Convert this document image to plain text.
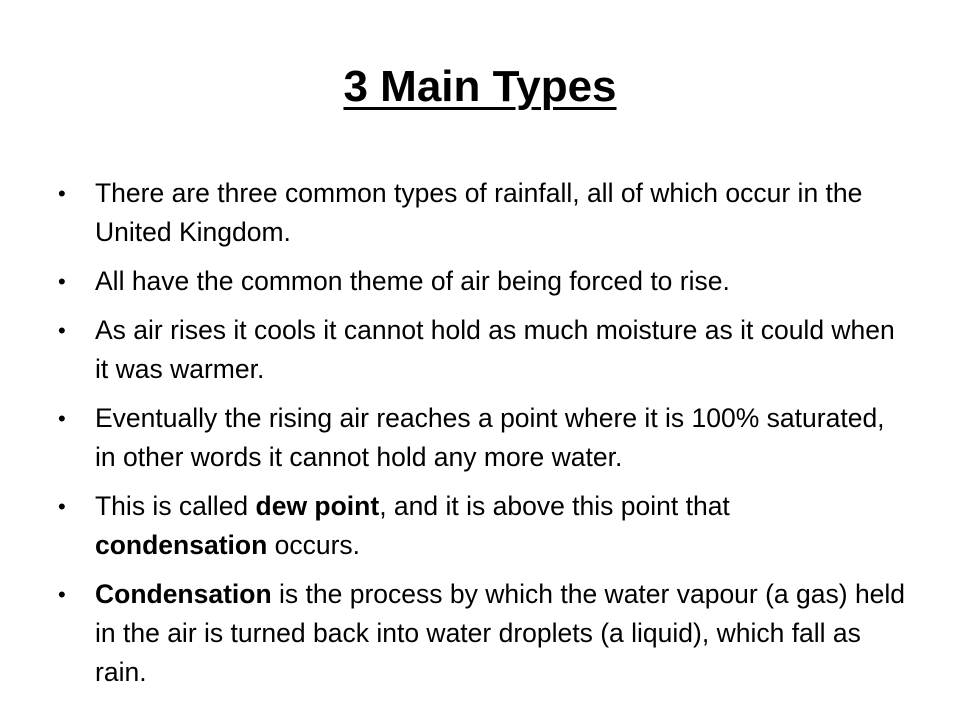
3 Main Types
•	There are three common types of rainfall, all of which occur in the United Kingdom.
•	All have the common theme of air being forced to rise.
•	As air rises it cools it cannot hold as much moisture as it could when it was warmer.
•	Eventually the rising air reaches a point where it is 100% saturated, in other words it cannot hold any more water.
•	This is called dew point, and it is above this point that condensation occurs.
•	Condensation is the process by which the water vapour (a gas) held in the air is turned back into water droplets (a liquid), which fall as rain.
